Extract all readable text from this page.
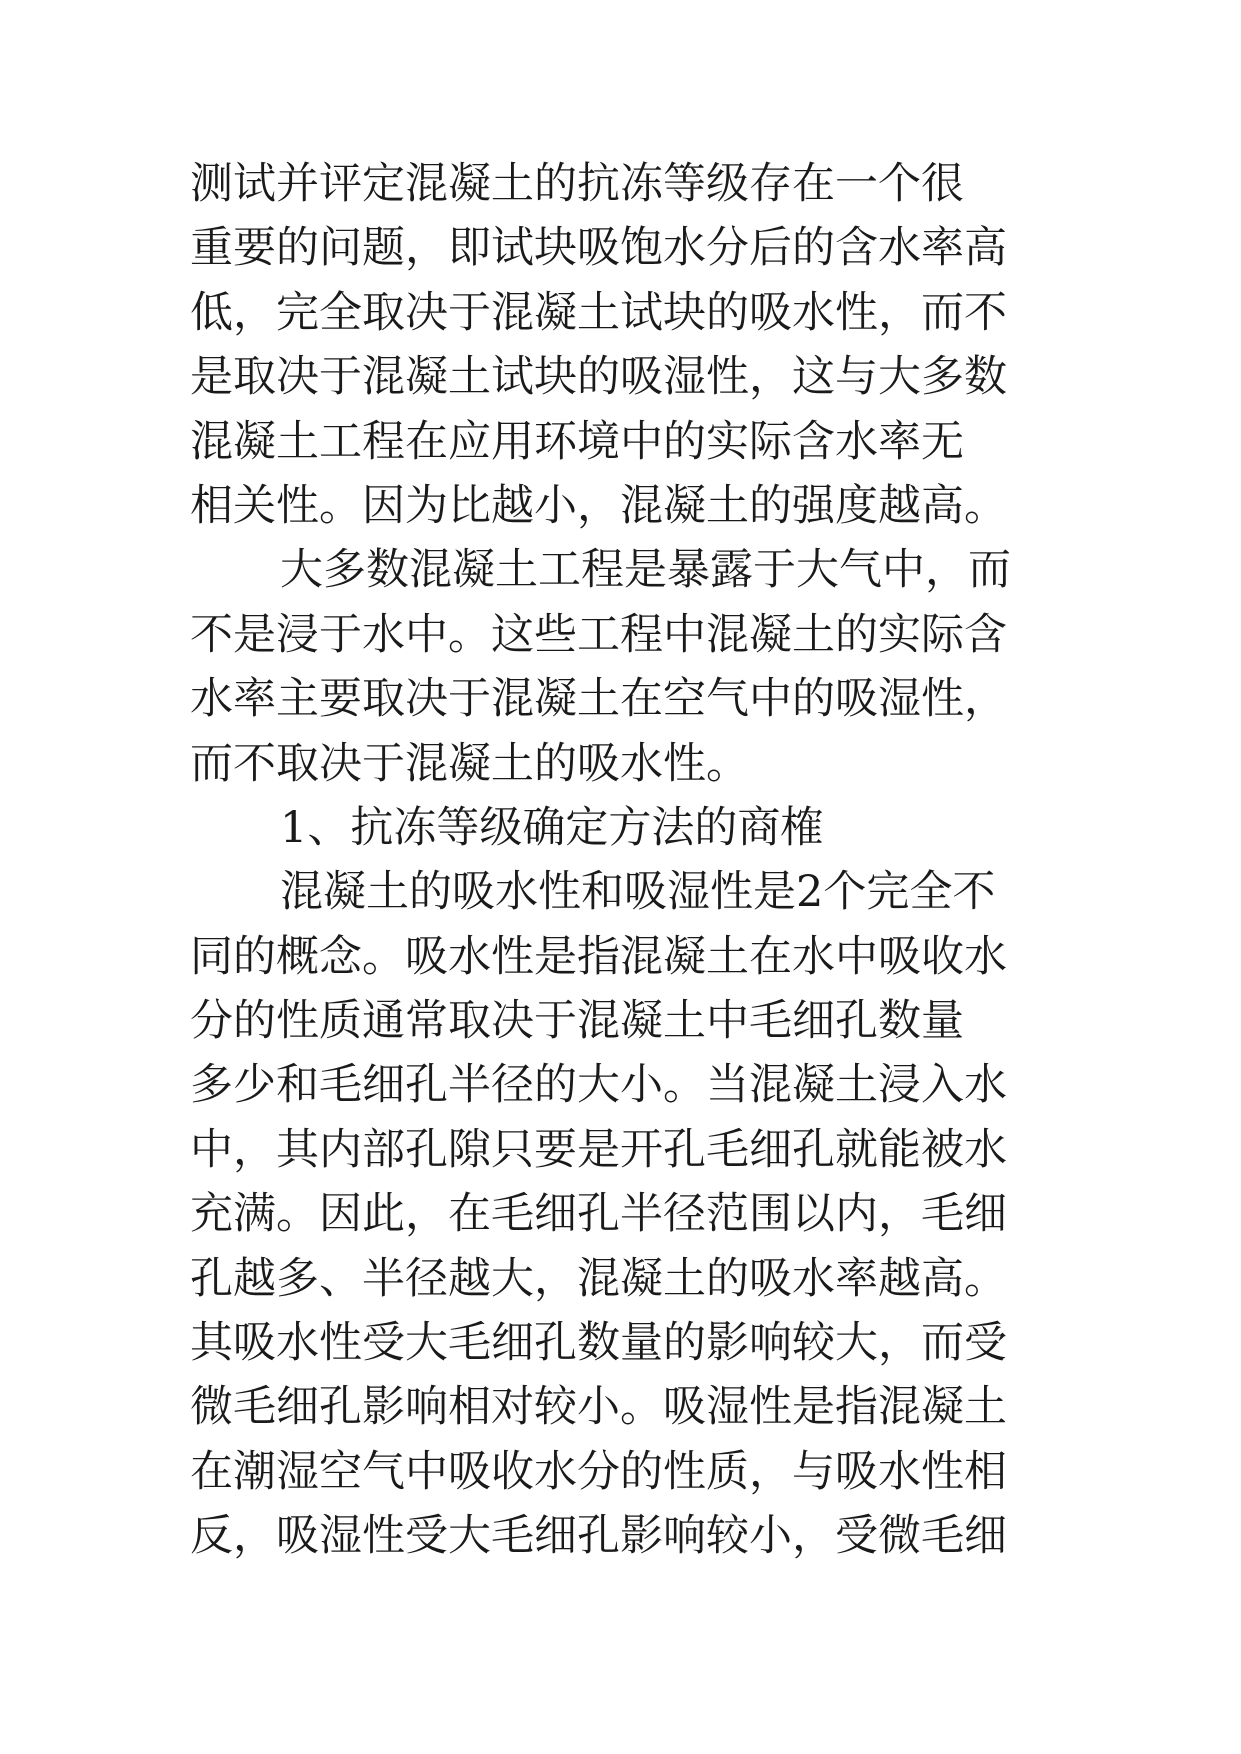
测试并评定混凝土的抗冻等级存在一个很
重要的问题，即试块吸饱水分后的含水率高
低，完全取决于混凝土试块的吸水性，而不
是取决于混凝土试块的吸湿性，这与大多数
混凝土工程在应用环境中的实际含水率无
相关性。因为比越小，混凝土的强度越高。
大多数混凝土工程是暴露于大气中，而
不是浸于水中。这些工程中混凝土的实际含
水率主要取决于混凝土在空气中的吸湿性，
而不取决于混凝土的吸水性。
1、抗冻等级确定方法的商榷
混凝土的吸水性和吸湿性是2个完全不
同的概念。吸水性是指混凝土在水中吸收水
分的性质通常取决于混凝土中毛细孔数量
多少和毛细孔半径的大小。当混凝土浸入水
中，其内部孔隙只要是开孔毛细孔就能被水
充满。因此，在毛细孔半径范围以内，毛细
孔越多、半径越大，混凝土的吸水率越高。
其吸水性受大毛细孔数量的影响较大，而受
微毛细孔影响相对较小。吸湿性是指混凝土
在潮湿空气中吸收水分的性质，与吸水性相
反，吸湿性受大毛细孔影响较小，受微毛细
